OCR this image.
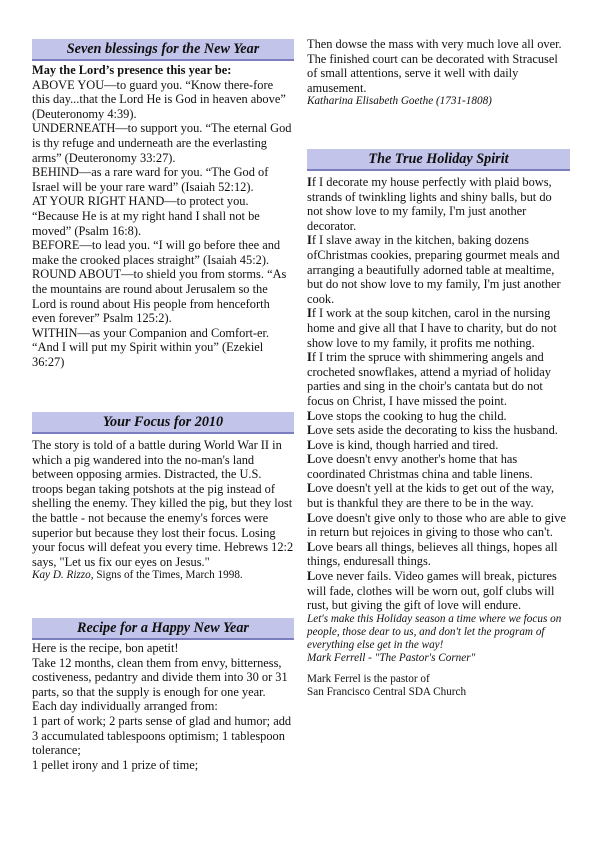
Seven blessings for the New Year

May the Lord’s presence this year be:

ABOVE YOU—to guard you. “Know there-fore this day...that the Lord He is God in heaven above” (Deuteronomy 4:39).

UNDERNEATH—to support you. “The eternal God is thy refuge and underneath are the everlasting arms” (Deuteronomy 33:27).

BEHIND—as a rare ward for you. “The God of Israel will be your rare ward” (Isaiah 52:12).

AT YOUR RIGHT HAND—to protect you. “Because He is at my right hand I shall not be moved” (Psalm 16:8).

BEFORE—to lead you. “I will go before thee and make the crooked places straight” (Isaiah 45:2).

ROUND ABOUT—to shield you from storms. “As the mountains are round about Jerusalem so the Lord is round about His people from henceforth even forever” Psalm 125:2).

WITHIN—as your Companion and Comfort-er. “And I will put my Spirit within you” (Ezekiel 36:27)

Your Focus for 2010

The story is told of a battle during World War II in which a pig wandered into the no-man's land between opposing armies. Distracted, the U.S. troops began taking potshots at the pig instead of shelling the enemy. They killed the pig, but they lost the battle - not because the enemy's forces were superior but because they lost their focus. Losing your focus will defeat you every time. Hebrews 12:2 says, "Let us fix our eyes on Jesus."

Kay D. Rizzo, Signs of the Times, March 1998.

Recipe for a Happy New Year

Here is the recipe, bon apetit!

Take 12 months, clean them from envy, bitterness, costiveness, pedantry and divide them into 30 or 31 parts, so that the supply is enough for one year.

Each day individually arranged from:

1 part of work; 2 parts sense of glad and humor; add 3 accumulated tablespoons optimism; 1 tablespoon tolerance;

1 pellet irony and 1 prize of time;

Then dowse the mass with very much love all over.

The finished court can be decorated with Stracusel of small attentions, serve it well with daily amusement.

Katharina Elisabeth Goethe (1731-1808)

The True Holiday Spirit

If I decorate my house perfectly with plaid bows, strands of twinkling lights and shiny balls, but do not show love to my family, I'm just another decorator.

If I slave away in the kitchen, baking dozens ofChristmas cookies, preparing gourmet meals and arranging a beautifully adorned table at mealtime, but do not show love to my family, I'm just another cook.

If I work at the soup kitchen, carol in the nursing home and give all that I have to charity, but do not show love to my family, it profits me nothing.

If I trim the spruce with shimmering angels and crocheted snowflakes, attend a myriad of holiday parties and sing in the choir's cantata but do not focus on Christ, I have missed the point.

Love stops the cooking to hug the child.

Love sets aside the decorating to kiss the husband.

Love is kind, though harried and tired.

Love doesn't envy another's home that has coordinated Christmas china and table linens.

Love doesn't yell at the kids to get out of the way, but is thankful they are there to be in the way.

Love doesn't give only to those who are able to give in return but rejoices in giving to those who can't.

Love bears all things, believes all things, hopes all things, enduresall things.

Love never fails. Video games will break, pictures will fade, clothes will be worn out, golf clubs will rust, but giving the gift of love will endure.

Let's make this Holiday season a time where we focus on people, those dear to us, and don't let the program of everything else get in the way!

Mark Ferrell - "The Pastor's Corner"

Mark Ferrel is the pastor of

San Francisco Central SDA Church
